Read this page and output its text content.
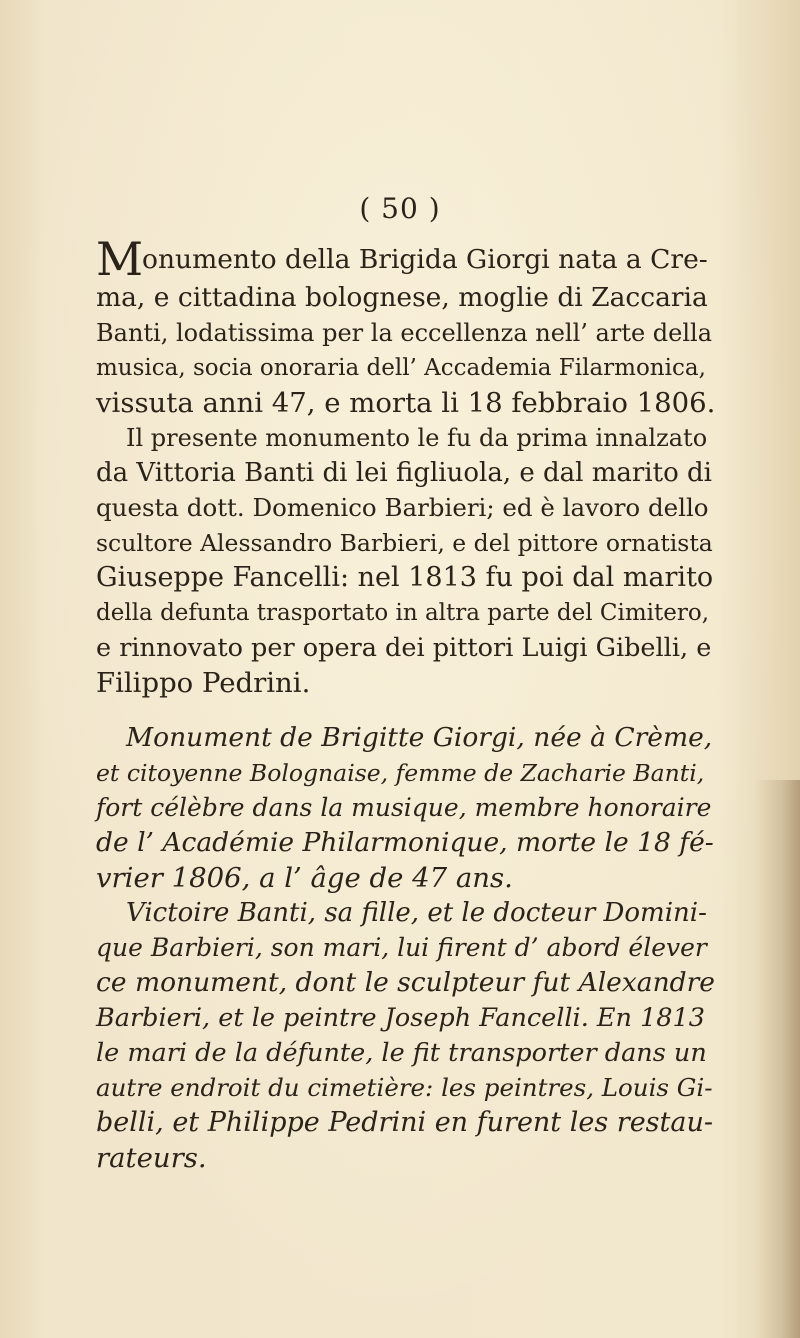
( 50 )
M
onumento della Brigida Giorgi nata a Cre-
ma, e cittadina bolognese, moglie di Zaccaria
Banti, lodatissima per la eccellenza nell’ arte della
musica, socia onoraria dell’ Accademia Filarmonica,
vissuta anni 47, e morta li 18 febbraio 1806.
Il presente monumento le fu da prima innalzato
da Vittoria Banti di lei figliuola, e dal marito di
questa dott. Domenico Barbieri; ed è lavoro dello
scultore Alessandro Barbieri, e del pittore ornatista
Giuseppe Fancelli: nel 1813 fu poi dal marito
della defunta trasportato in altra parte del Cimitero,
e rinnovato per opera dei pittori Luigi Gibelli, e
Filippo Pedrini.
Monument de Brigitte Giorgi, née à Crème,
et citoyenne Bolognaise, femme de Zacharie Banti,
fort célèbre dans la musique, membre honoraire
de l’ Académie Philarmonique, morte le 18 fé-
vrier 1806, a l’ âge de 47 ans.
Victoire Banti, sa fille, et le docteur Domini-
que Barbieri, son mari, lui firent d’ abord élever
ce monument, dont le sculpteur fut Alexandre
Barbieri, et le peintre Joseph Fancelli. En 1813
le mari de la défunte, le fit transporter dans un
autre endroit du cimetière: les peintres, Louis Gi-
belli, et Philippe Pedrini en furent les restau-
rateurs.
